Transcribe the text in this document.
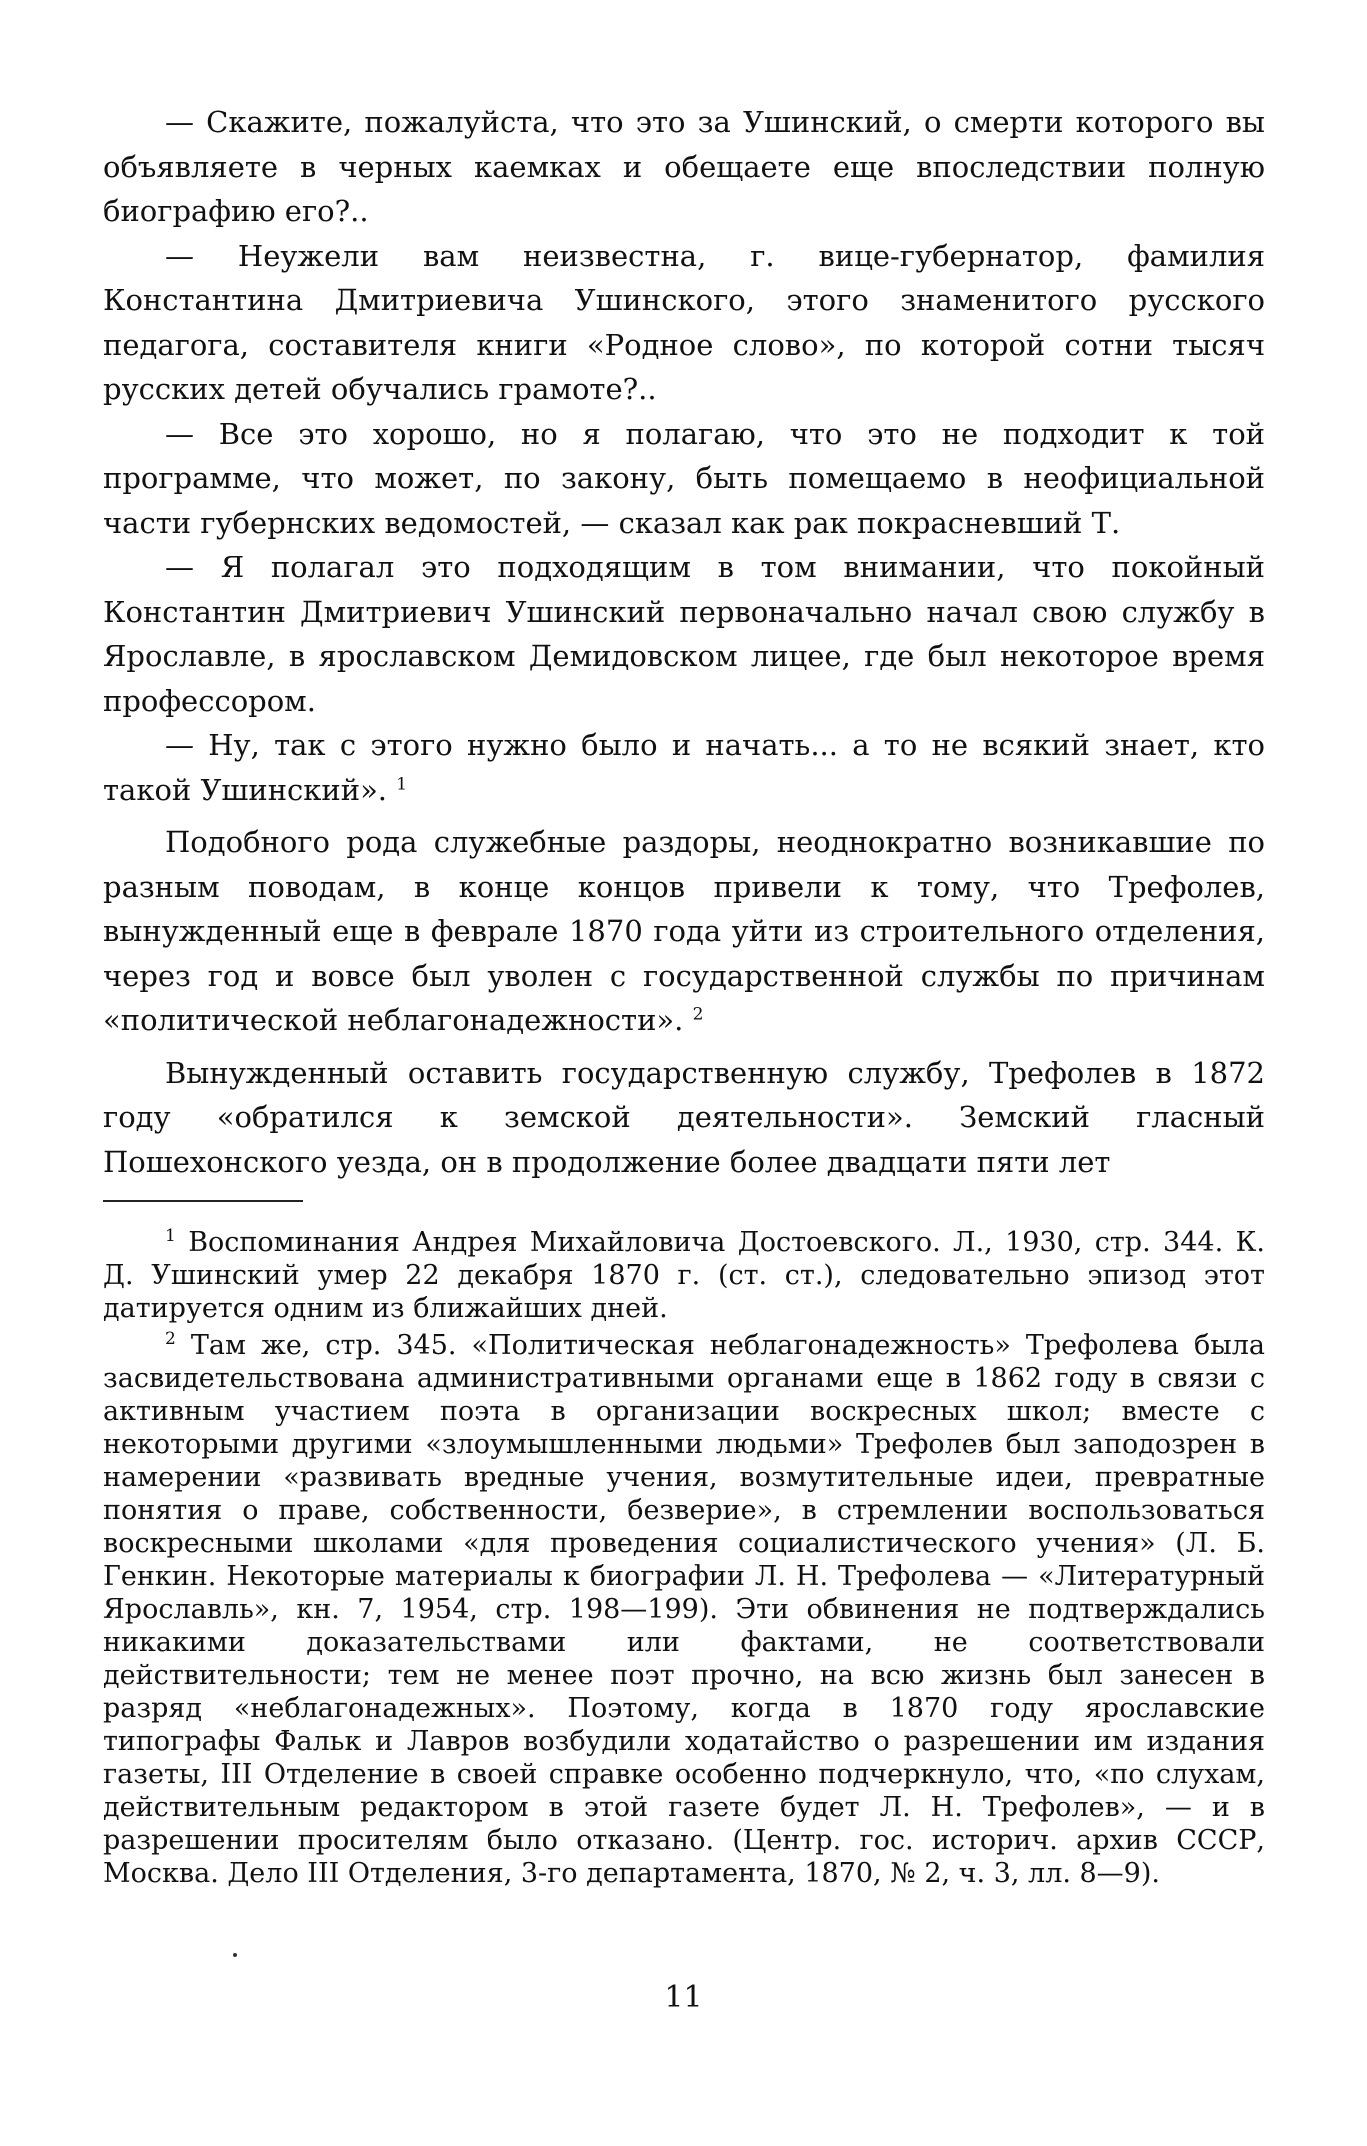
— Скажите, пожалуйста, что это за Ушинский, о смерти которого вы объявляете в черных каемках и обещаете еще впоследствии полную биографию его?..

— Неужели вам неизвестна, г. вице-губернатор, фамилия Константина Дмитриевича Ушинского, этого знаменитого русского педагога, составителя книги «Родное слово», по которой сотни тысяч русских детей обучались грамоте?..

— Все это хорошо, но я полагаю, что это не подходит к той программе, что может, по закону, быть помещаемо в неофициальной части губернских ведомостей, — сказал как рак покрасневший Т.

— Я полагал это подходящим в том внимании, что покойный Константин Дмитриевич Ушинский первоначально начал свою службу в Ярославле, в ярославском Демидовском лицее, где был некоторое время профессором.

— Ну, так с этого нужно было и начать... а то не всякий знает, кто такой Ушинский». $^1$

Подобного рода служебные раздоры, неоднократно возникавшие по разным поводам, в конце концов привели к тому, что Трефолев, вынужденный еще в феврале 1870 года уйти из строительного отделения, через год и вовсе был уволен с государственной службы по причинам «политической неблагонадежности». $^2$

Вынужденный оставить государственную службу, Трефолев в 1872 году «обратился к земской деятельности». Земский гласный Пошехонского уезда, он в продолжение более двадцати пяти лет

$^1$ Воспоминания Андрея Михайловича Достоевского. Л., 1930, стр. 344. К. Д. Ушинский умер 22 декабря 1870 г. (ст. ст.), следовательно эпизод этот датируется одним из ближайших дней.

$^2$ Там же, стр. 345. «Политическая неблагонадежность» Трефолева была засвидетельствована административными органами еще в 1862 году в связи с активным участием поэта в организации воскресных школ; вместе с некоторыми другими «злоумышленными людьми» Трефолев был заподозрен в намерении «развивать вредные учения, возмутительные идеи, превратные понятия о праве, собственности, безверие», в стремлении воспользоваться воскресными школами «для проведения социалистического учения» (Л. Б. Генкин. Некоторые материалы к биографии Л. Н. Трефолева — «Литературный Ярославль», кн. 7, 1954, стр. 198—199). Эти обвинения не подтверждались никакими доказательствами или фактами, не соответствовали действительности; тем не менее поэт прочно, на всю жизнь был занесен в разряд «неблагонадежных». Поэтому, когда в 1870 году ярославские типографы Фальк и Лавров возбудили ходатайство о разрешении им издания газеты, III Отделение в своей справке особенно подчеркнуло, что, «по слухам, действительным редактором в этой газете будет Л. Н. Трефолев», — и в разрешении просителям было отказано. (Центр. гос. историч. архив СССР, Москва. Дело III Отделения, 3-го департамента, 1870, № 2, ч. 3, лл. 8—9).

11
